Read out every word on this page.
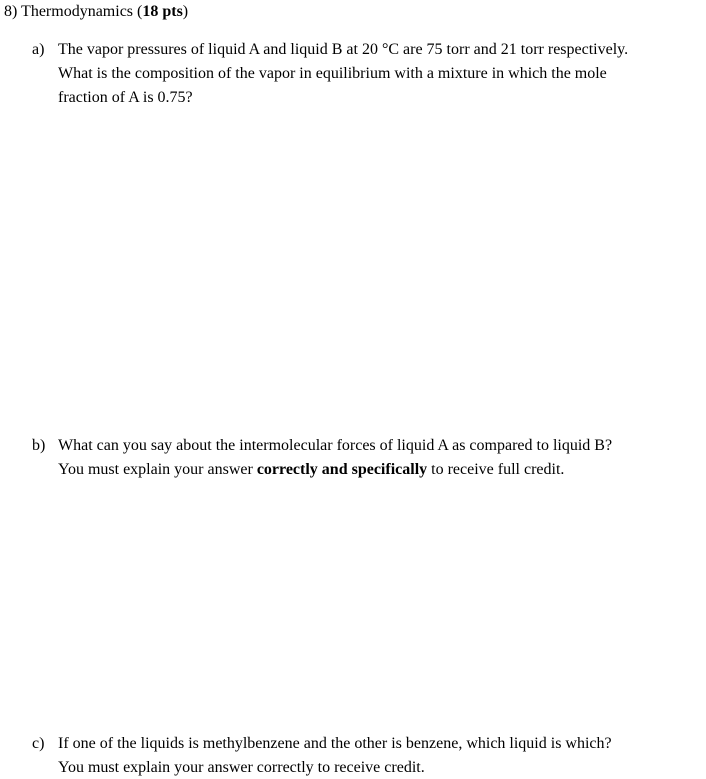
8) Thermodynamics (18 pts)
a) The vapor pressures of liquid A and liquid B at 20 °C are 75 torr and 21 torr respectively.
What is the composition of the vapor in equilibrium with a mixture in which the mole
fraction of A is 0.75?
b) What can you say about the intermolecular forces of liquid A as compared to liquid B?
You must explain your answer correctly and specifically to receive full credit.
c) If one of the liquids is methylbenzene and the other is benzene, which liquid is which?
You must explain your answer correctly to receive credit.
